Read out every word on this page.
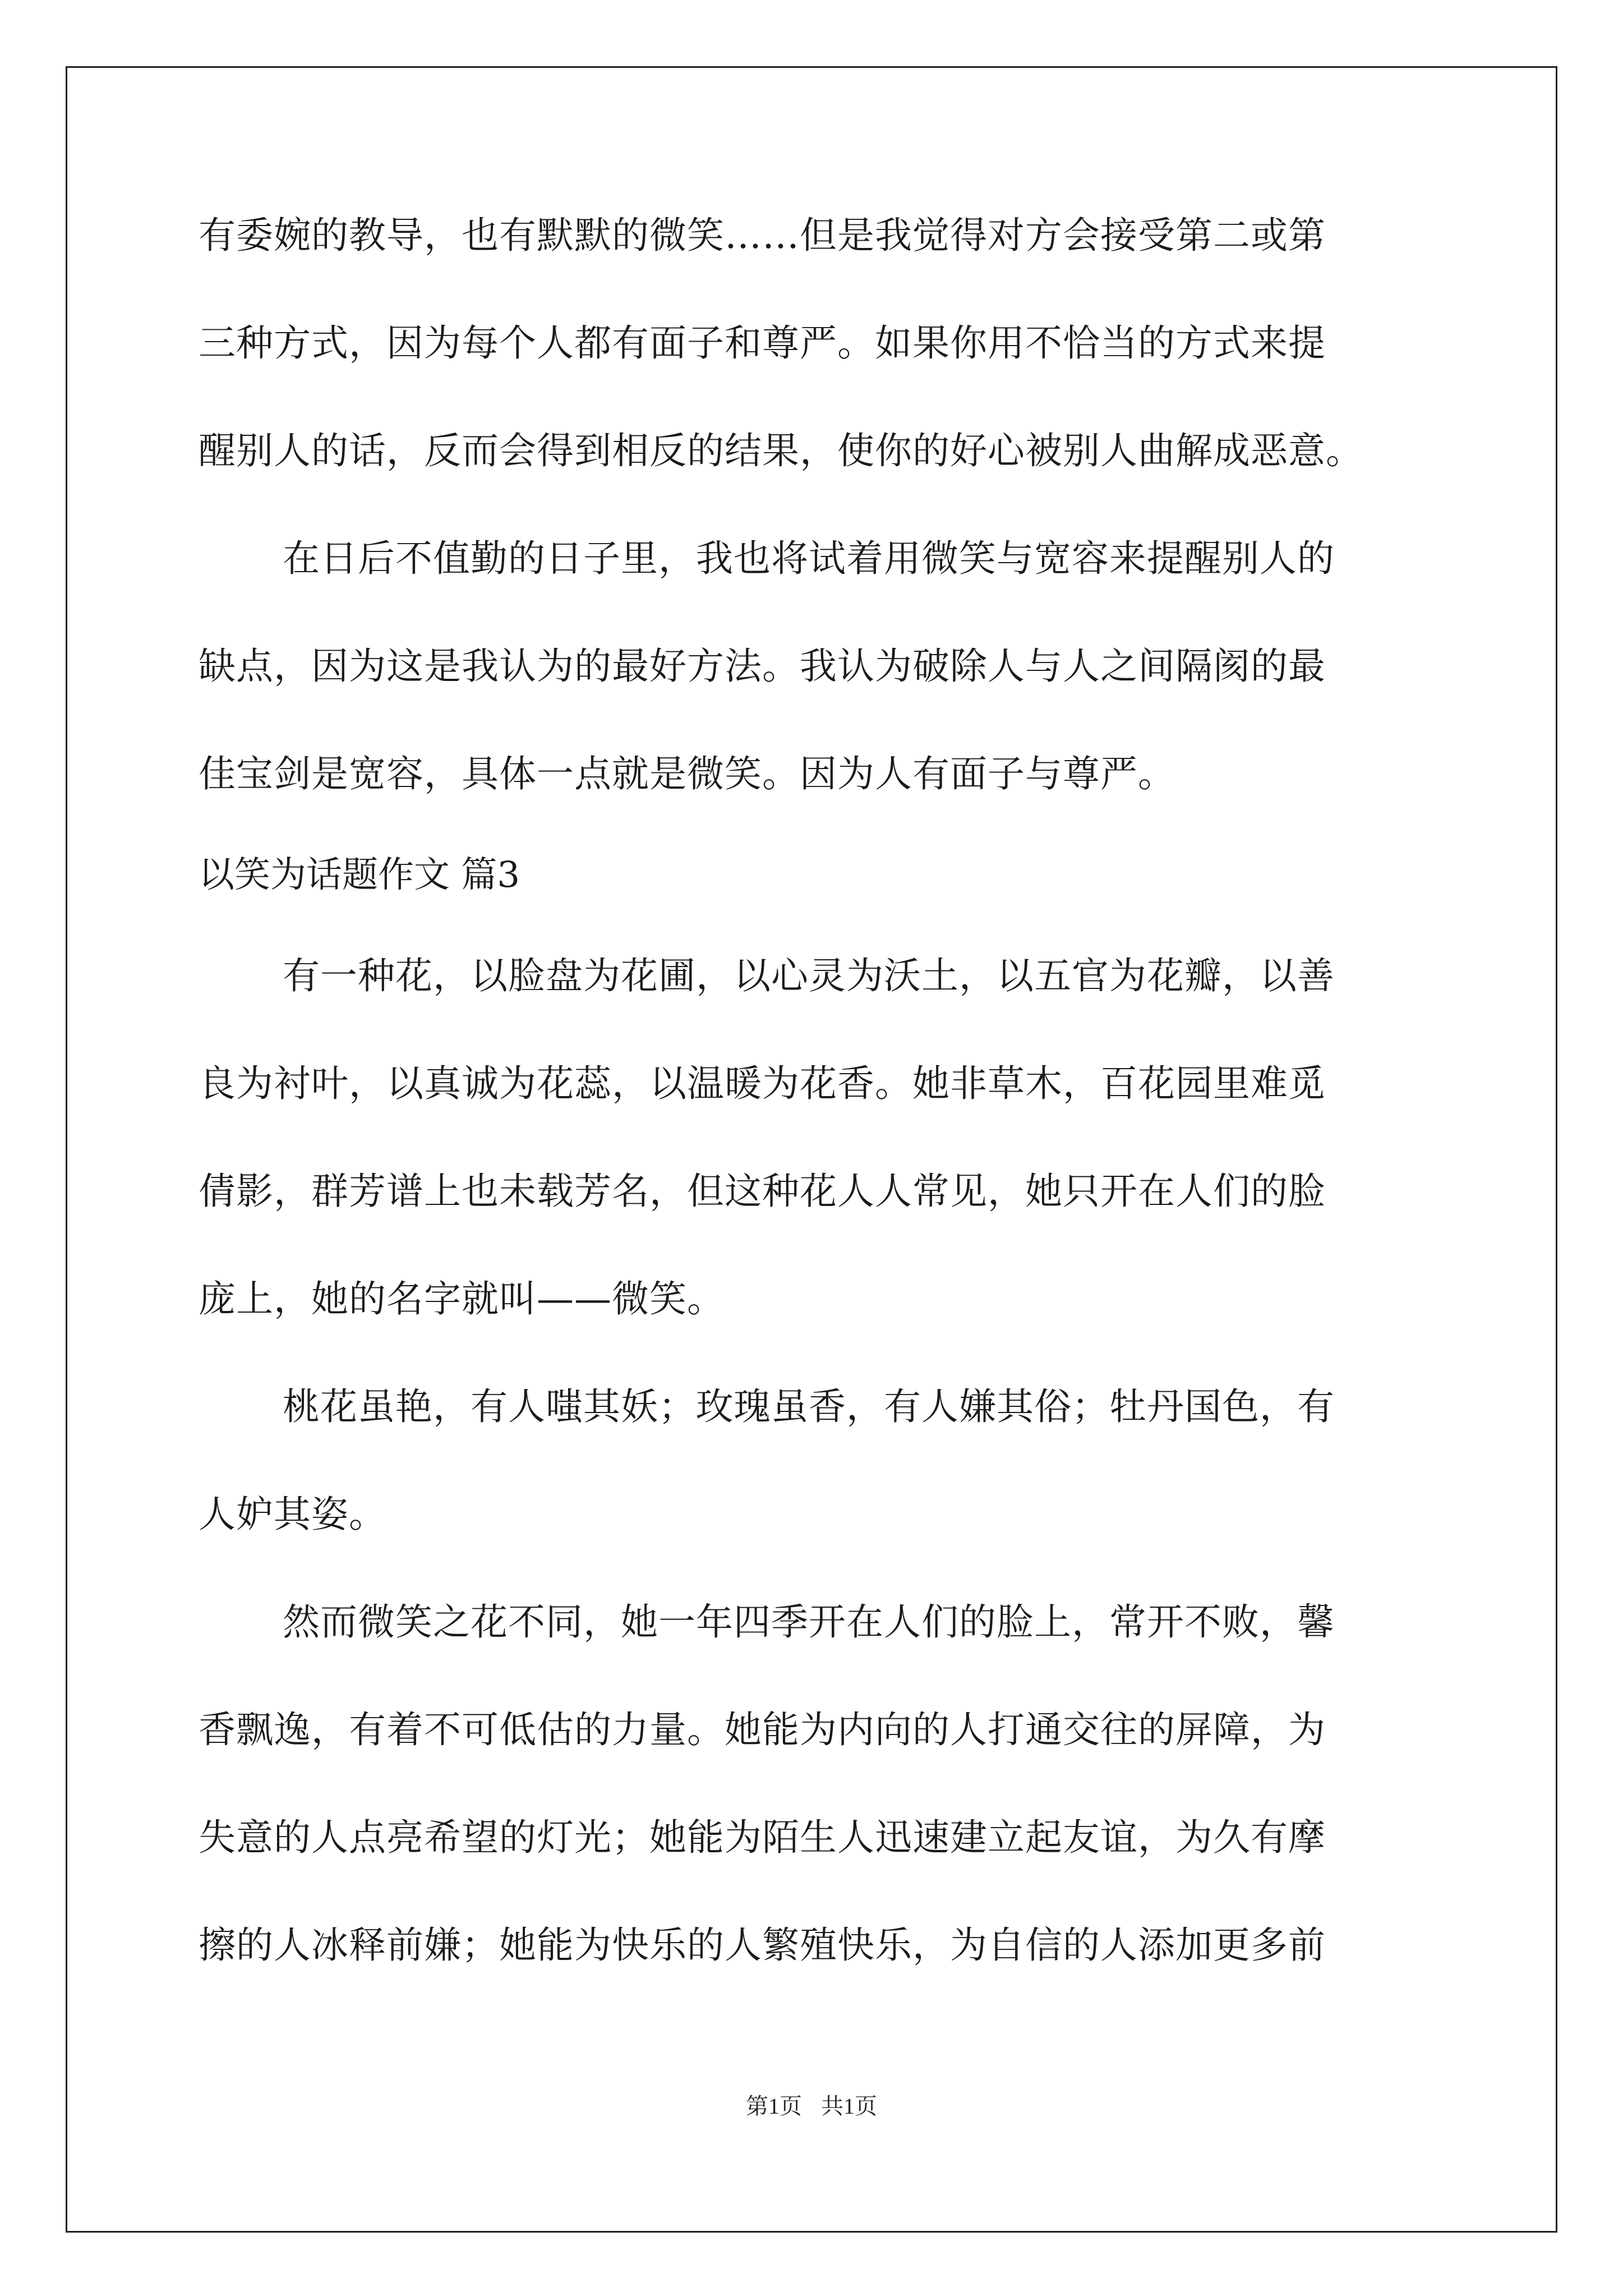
有委婉的教导，也有默默的微笑……但是我觉得对方会接受第二或第
三种方式，因为每个人都有面子和尊严。如果你用不恰当的方式来提
醒别人的话，反而会得到相反的结果，使你的好心被别人曲解成恶意。
在日后不值勤的日子里，我也将试着用微笑与宽容来提醒别人的
缺点，因为这是我认为的最好方法。我认为破除人与人之间隔阂的最
佳宝剑是宽容，具体一点就是微笑。因为人有面子与尊严。
以笑为话题作文 篇3
有一种花，以脸盘为花圃，以心灵为沃土，以五官为花瓣，以善
良为衬叶，以真诚为花蕊，以温暖为花香。她非草木，百花园里难觅
倩影，群芳谱上也未载芳名，但这种花人人常见，她只开在人们的脸
庞上，她的名字就叫——微笑。
桃花虽艳，有人嗤其妖；玫瑰虽香，有人嫌其俗；牡丹国色，有
人妒其姿。
然而微笑之花不同，她一年四季开在人们的脸上，常开不败，馨
香飘逸，有着不可低估的力量。她能为内向的人打通交往的屏障，为
失意的人点亮希望的灯光；她能为陌生人迅速建立起友谊，为久有摩
擦的人冰释前嫌；她能为快乐的人繁殖快乐，为自信的人添加更多前
第1页 共1页
